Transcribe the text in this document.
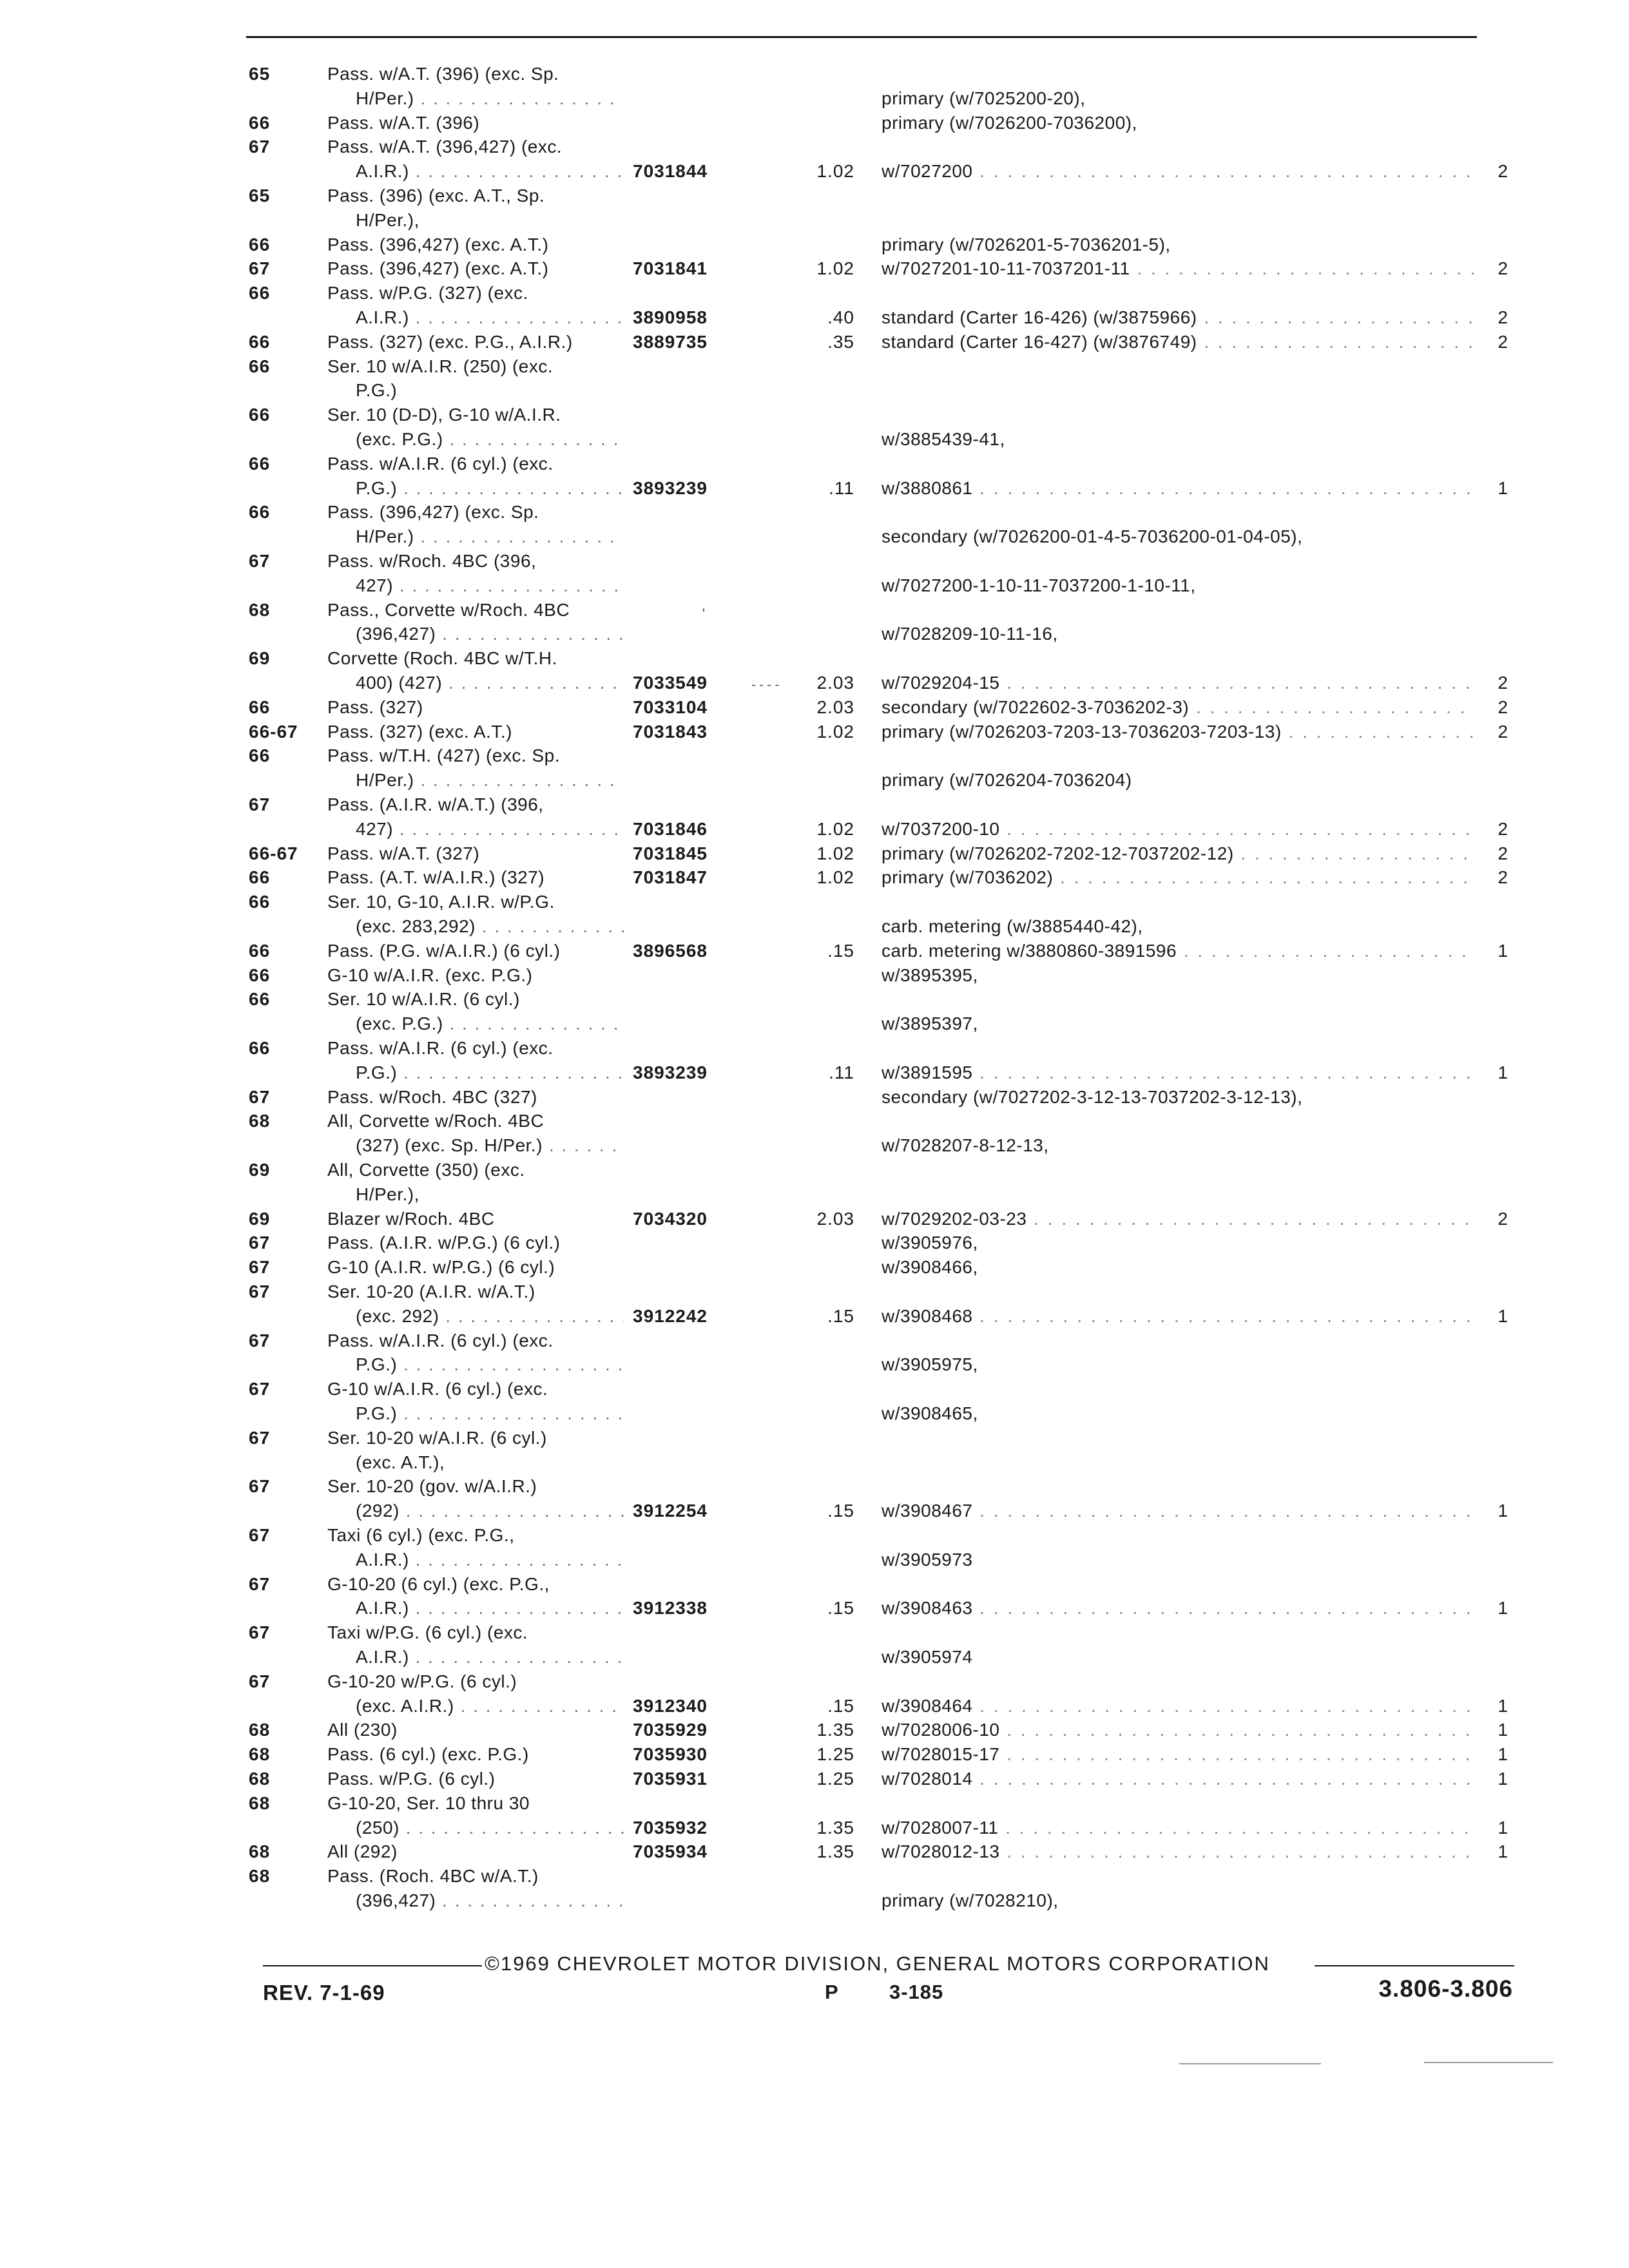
65	Pass. w/A.T. (396) (exc. Sp.
H/Per.) . . .	primary (w/7025200-20),
66	Pass. w/A.T. (396)	primary (w/7026200-7036200),
67	Pass. w/A.T. (396,427) (exc.
A.I.R.) . . .	7031844	1.02 w/7027200 . . .	2
65	Pass. (396) (exc. A.T., Sp.
H/Per.),
66	Pass. (396,427) (exc. A.T.)	primary (w/7026201-5-7036201-5),
67	Pass. (396,427) (exc. A.T.)	7031841	1.02 w/7027201-10-11-7037201-11 . . .	2
66	Pass. w/P.G. (327) (exc.
A.I.R.) . . .	3890958	.40 standard (Carter 16-426) (w/3875966) . . .	2
66	Pass. (327) (exc. P.G., A.I.R.)	3889735	.35 standard (Carter 16-427) (w/3876749) . . .	2
66	Ser. 10 w/A.I.R. (250) (exc.
P.G.)
66	Ser. 10 (D-D), G-10 w/A.I.R.
(exc. P.G.) . . .	w/3885439-41,
66	Pass. w/A.I.R. (6 cyl.) (exc.
P.G.) . . .	3893239	.11 w/3880861 . . .	1
66	Pass. (396,427) (exc. Sp.
H/Per.) . . .	secondary (w/7026200-01-4-5-7036200-01-04-05),
67	Pass. w/Roch. 4BC (396,
427) . . .	w/7027200-1-10-11-7037200-1-10-11,
68	Pass., Corvette w/Roch. 4BC
(396,427) . . .	w/7028209-10-11-16,
69	Corvette (Roch. 4BC w/T.H.
400) (427) . . .	7033549	2.03 w/7029204-15 . . .	2
66	Pass. (327)	7033104	2.03 secondary (w/7022602-3-7036202-3) . . .	2
66-67	Pass. (327) (exc. A.T.)	7031843	1.02 primary (w/7026203-7203-13-7036203-7203-13) . . .	2
66	Pass. w/T.H. (427) (exc. Sp.
H/Per.) . . .	primary (w/7026204-7036204)
67	Pass. (A.I.R. w/A.T.) (396,
427) . . .	7031846	1.02 w/7037200-10 . . .	2
66-67	Pass. w/A.T. (327)	7031845	1.02 primary (w/7026202-7202-12-7037202-12) . . .	2
66	Pass. (A.T. w/A.I.R.) (327)	7031847	1.02 primary (w/7036202) . . .	2
66	Ser. 10, G-10, A.I.R. w/P.G.
(exc. 283,292) . . .	carb. metering (w/3885440-42),
66	Pass. (P.G. w/A.I.R.) (6 cyl.)	3896568	.15 carb. metering w/3880860-3891596 . . .	1
66	G-10 w/A.I.R. (exc. P.G.)	w/3895395,
66	Ser. 10 w/A.I.R. (6 cyl.)
(exc. P.G.) . . .	w/3895397,
66	Pass. w/A.I.R. (6 cyl.) (exc.
P.G.) . . .	3893239	.11 w/3891595 . . .	1
67	Pass. w/Roch. 4BC (327)	secondary (w/7027202-3-12-13-7037202-3-12-13),
68	All, Corvette w/Roch. 4BC
(327) (exc. Sp. H/Per.) . . .	w/7028207-8-12-13,
69	All, Corvette (350) (exc.
H/Per.),
69	Blazer w/Roch. 4BC	7034320	2.03 w/7029202-03-23 . . .	2
67	Pass. (A.I.R. w/P.G.) (6 cyl.)	w/3905976,
67	G-10 (A.I.R. w/P.G.) (6 cyl.)	w/3908466,
67	Ser. 10-20 (A.I.R. w/A.T.)
(exc. 292) . . .	3912242	.15 w/3908468 . . .	1
67	Pass. w/A.I.R. (6 cyl.) (exc.
P.G.) . . .	w/3905975,
67	G-10 w/A.I.R. (6 cyl.) (exc.
P.G.) . . .	w/3908465,
67	Ser. 10-20 w/A.I.R. (6 cyl.)
(exc. A.T.),
67	Ser. 10-20 (gov. w/A.I.R.)
(292) . . .	3912254	.15 w/3908467 . . .	1
67	Taxi (6 cyl.) (exc. P.G.,
A.I.R.) . . .	w/3905973
67	G-10-20 (6 cyl.) (exc. P.G.,
A.I.R.) . . .	3912338	.15 w/3908463 . . .	1
67	Taxi w/P.G. (6 cyl.) (exc.
A.I.R.) . . .	w/3905974
67	G-10-20 w/P.G. (6 cyl.)
(exc. A.I.R.) . . .	3912340	.15 w/3908464 . . .	1
68	All (230)	7035929	1.35 w/7028006-10 . . .	1
68	Pass. (6 cyl.) (exc. P.G.)	7035930	1.25 w/7028015-17 . . .	1
68	Pass. w/P.G. (6 cyl.)	7035931	1.25 w/7028014 . . .	1
68	G-10-20, Ser. 10 thru 30
(250) . . .	7035932	1.35 w/7028007-11 . . .	1
68	All (292)	7035934	1.35 w/7028012-13 . . .	1
68	Pass. (Roch. 4BC w/A.T.)
(396,427) . . .	primary (w/7028210),
'
- - - -
©1969 CHEVROLET MOTOR DIVISION, GENERAL MOTORS CORPORATION
REV. 7-1-69	P	3-185	3.806-3.806
